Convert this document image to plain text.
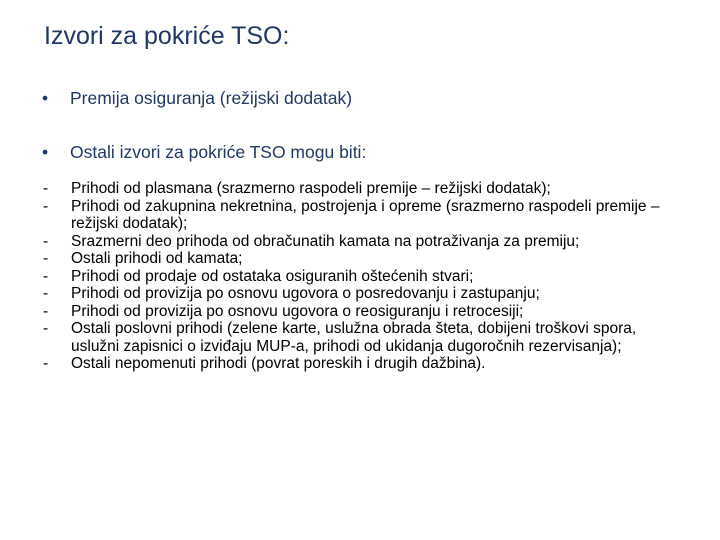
Izvori za pokriće TSO:
• Premija osiguranja (režijski dodatak)
• Ostali izvori za pokriće TSO mogu biti:
- Prihodi od plasmana (srazmerno raspodeli premije – režijski dodatak);
- Prihodi od zakupnina nekretnina, postrojenja i opreme (srazmerno raspodeli premije – režijski dodatak);
- Srazmerni deo prihoda od obračunatih kamata na potraživanja za premiju;
- Ostali prihodi od kamata;
- Prihodi od prodaje od ostataka osiguranih oštećenih stvari;
- Prihodi od provizija po osnovu ugovora o posredovanju i zastupanju;
- Prihodi od provizija po osnovu ugovora o reosiguranju i retrocesiji;
- Ostali poslovni prihodi (zelene karte, uslužna obrada šteta, dobijeni troškovi spora, uslužni zapisnici o izviđaju MUP-a, prihodi od ukidanja dugoročnih rezervisanja);
- Ostali nepomenuti prihodi (povrat poreskih i drugih dažbina).
